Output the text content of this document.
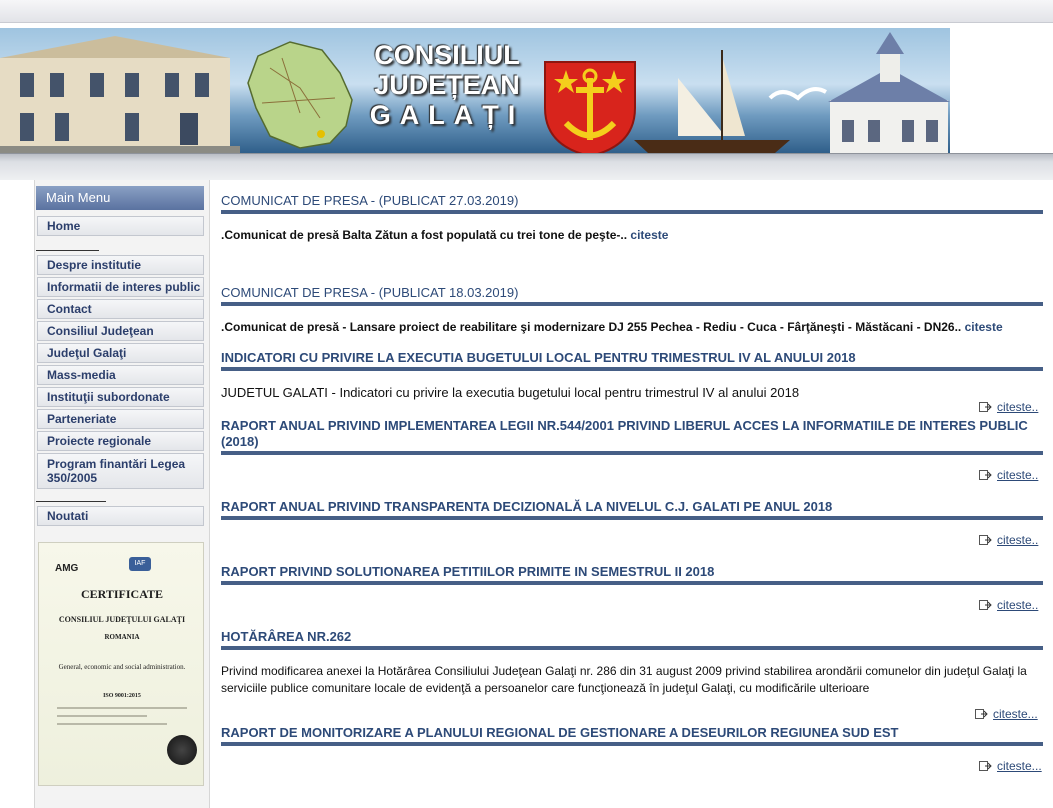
CONSILIUL
JUDEȚEAN
GALAȚI
Main Menu
Home
Despre institutie
Informatii de interes public
Contact
Consiliul Judeţean
Judeţul Galaţi
Mass-media
Instituţii subordonate
Parteneriate
Proiecte regionale
Program finantări Legea 350/2005
Noutati
AMG	IAF
CERTIFICATE
CONSILIUL JUDEŢULUI GALAŢI
ROMANIA
General, economic and social administration.
ISO 9001:2015
COMUNICAT DE PRESA - (PUBLICAT 27.03.2019)
.Comunicat de presă Balta Zătun a fost populată cu trei tone de peşte-.. citeste
COMUNICAT DE PRESA - (PUBLICAT 18.03.2019)
.Comunicat de presă - Lansare proiect de reabilitare şi modernizare DJ 255 Pechea - Rediu - Cuca - Fârţăneşti - Măstăcani - DN26.. citeste
INDICATORI CU PRIVIRE LA EXECUTIA BUGETULUI LOCAL PENTRU TRIMESTRUL IV AL ANULUI 2018
JUDETUL GALATI - Indicatori cu privire la executia bugetului local pentru trimestrul IV al anului 2018
citeste..
RAPORT ANUAL PRIVIND IMPLEMENTAREA LEGII NR.544/2001 PRIVIND LIBERUL ACCES LA INFORMATIILE DE INTERES PUBLIC (2018)
citeste..
RAPORT ANUAL PRIVIND TRANSPARENTA DECIZIONALĂ LA NIVELUL C.J. GALATI PE ANUL 2018
citeste..
RAPORT PRIVIND SOLUTIONAREA PETITIILOR PRIMITE IN SEMESTRUL II 2018
citeste..
HOTĂRÂREA NR.262
Privind modificarea anexei la Hotărârea Consiliului Judeţean Galaţi nr. 286 din 31 august 2009 privind stabilirea arondării comunelor din judeţul Galaţi la serviciile publice comunitare locale de evidenţă a persoanelor care funcţionează în judeţul Galaţi, cu modificările ulterioare
citeste...
RAPORT DE MONITORIZARE A PLANULUI REGIONAL DE GESTIONARE A DESEURILOR REGIUNEA SUD EST
citeste...
